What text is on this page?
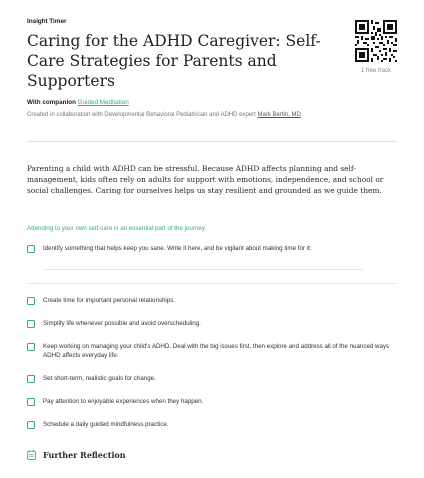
Insight Timer
Caring for the ADHD Caregiver: Self-Care Strategies for Parents and Supporters
1 free track
With companion Guided Meditation
Created in collaboration with Developmental Behavioral Pediatrician and ADHD expert Mark Bertin, MD

Parenting a child with ADHD can be stressful. Because ADHD affects planning and self-management, kids often rely on adults for support with emotions, independence, and school or social challenges. Caring for ourselves helps us stay resilient and grounded as we guide them.

Attending to your own self-care is an essential part of the journey.
Identify something that helps keep you sane. Write it here, and be vigilant about making time for it:
Create time for important personal relationships.
Simplify life whenever possible and avoid overscheduling.
Keep working on managing your child's ADHD. Deal with the big issues first, then explore and address all of the nuanced ways ADHD affects everyday life.
Set short-term, realistic goals for change.
Pay attention to enjoyable experiences when they happen.
Schedule a daily guided mindfulness practice.
Further Reflection
